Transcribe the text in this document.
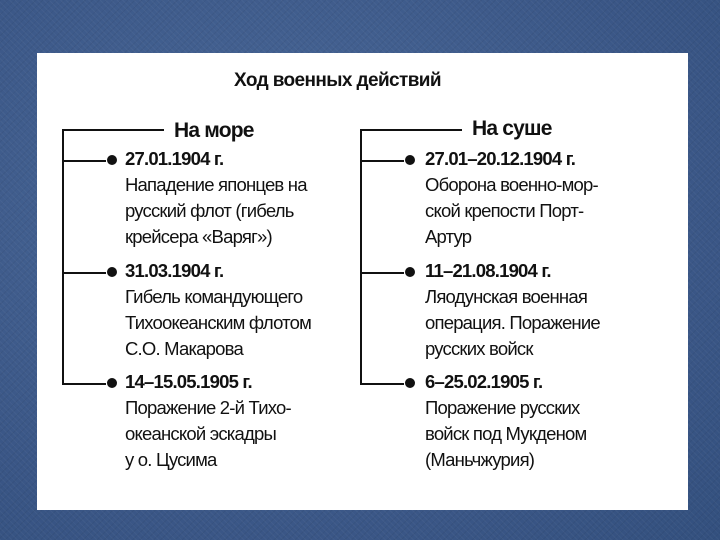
Ход военных действий
На море
27.01.1904 г.
Нападение японцев на
русский флот (гибель
крейсера «Варяг»)
31.03.1904 г.
Гибель командующего
Тихоокеанским флотом
С.О. Макарова
14–15.05.1905 г.
Поражение 2-й Тихо-
океанской эскадры
у о. Цусима
На суше
27.01–20.12.1904 г.
Оборона военно-мор-
ской крепости Порт-
Артур
11–21.08.1904 г.
Ляодунская военная
операция. Поражение
русских войск
6–25.02.1905 г.
Поражение русских
войск под Мукденом
(Маньчжурия)
